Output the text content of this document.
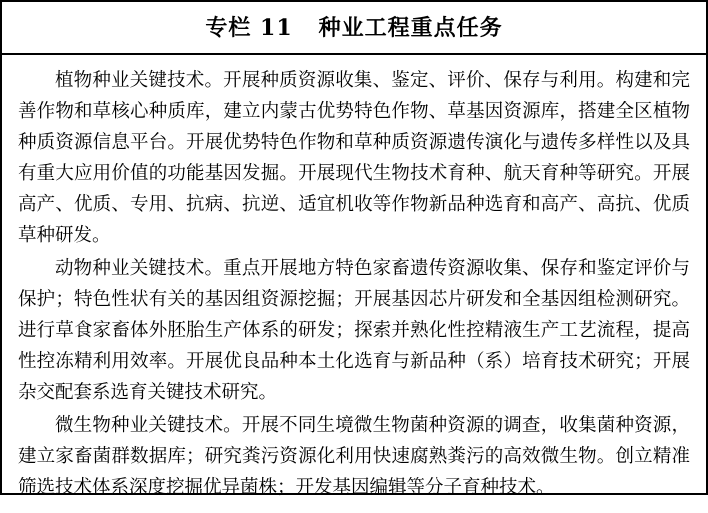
专栏 11   种业工程重点任务

植物种业关键技术。开展种质资源收集、鉴定、评价、保存与利用。构建和完善作物和草核心种质库，建立内蒙古优势特色作物、草基因资源库，搭建全区植物种质资源信息平台。开展优势特色作物和草种质资源遗传演化与遗传多样性以及具有重大应用价值的功能基因发掘。开展现代生物技术育种、航天育种等研究。开展高产、优质、专用、抗病、抗逆、适宜机收等作物新品种选育和高产、高抗、优质草种研发。

动物种业关键技术。重点开展地方特色家畜遗传资源收集、保存和鉴定评价与保护；特色性状有关的基因组资源挖掘；开展基因芯片研发和全基因组检测研究。进行草食家畜体外胚胎生产体系的研发；探索并熟化性控精液生产工艺流程，提高性控冻精利用效率。开展优良品种本土化选育与新品种（系）培育技术研究；开展杂交配套系选育关键技术研究。

微生物种业关键技术。开展不同生境微生物菌种资源的调查，收集菌种资源，建立家畜菌群数据库；研究粪污资源化利用快速腐熟粪污的高效微生物。创立精准筛选技术体系深度挖掘优异菌株；开发基因编辑等分子育种技术。
